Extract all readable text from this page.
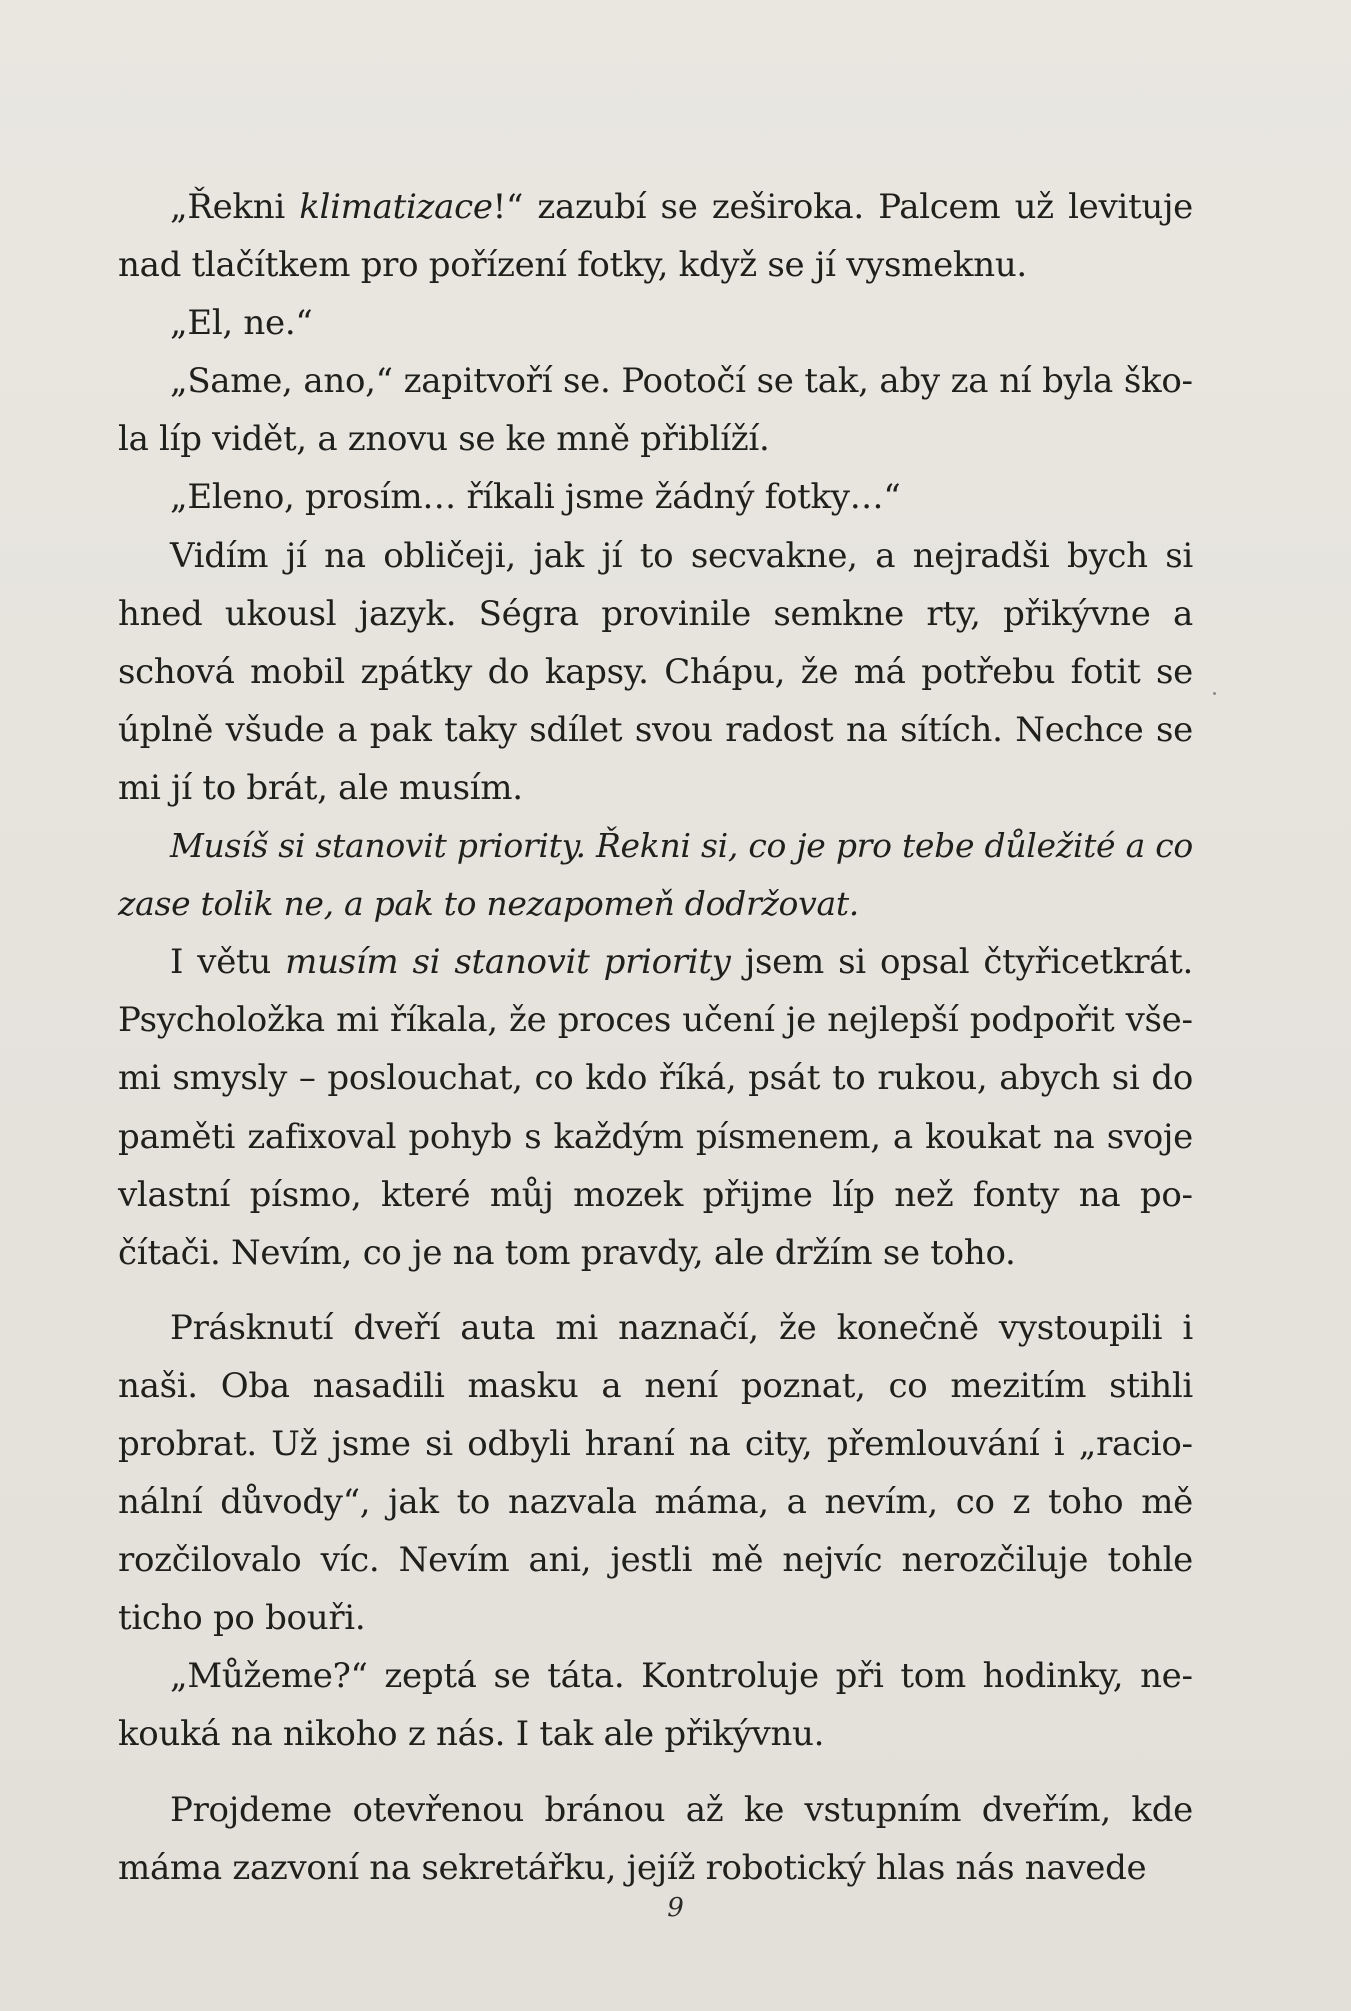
„Řekni klimatizace!“ zazubí se zeširoka. Palcem už levituje nad tlačítkem pro pořízení fotky, když se jí vysmeknu.

„El, ne.“

„Same, ano,“ zapitvoří se. Pootočí se tak, aby za ní byla škola líp vidět, a znovu se ke mně přiblíží.

„Eleno, prosím… říkali jsme žádný fotky…“

Vidím jí na obličeji, jak jí to secvakne, a nejradši bych si hned ukousl jazyk. Ségra provinile semkne rty, přikývne a schová mobil zpátky do kapsy. Chápu, že má potřebu fotit se úplně všude a pak taky sdílet svou radost na sítích. Nechce se mi jí to brát, ale musím.

Musíš si stanovit priority. Řekni si, co je pro tebe důležité a co zase tolik ne, a pak to nezapomeň dodržovat.

I větu musím si stanovit priority jsem si opsal čtyřicetkrát. Psycholožka mi říkala, že proces učení je nejlepší podpořit všemi smysly – poslouchat, co kdo říká, psát to rukou, abych si do paměti zafixoval pohyb s každým písmenem, a koukat na svoje vlastní písmo, které můj mozek přijme líp než fonty na počítači. Nevím, co je na tom pravdy, ale držím se toho.

Prásknutí dveří auta mi naznačí, že konečně vystoupili i naši. Oba nasadili masku a není poznat, co mezitím stihli probrat. Už jsme si odbyli hraní na city, přemlouvání i „racionální důvody“, jak to nazvala máma, a nevím, co z toho mě rozčilovalo víc. Nevím ani, jestli mě nejvíc nerozčiluje tohle ticho po bouři.

„Můžeme?“ zeptá se táta. Kontroluje při tom hodinky, nekouká na nikoho z nás. I tak ale přikývnu.

Projdeme otevřenou bránou až ke vstupním dveřím, kde máma zazvoní na sekretářku, jejíž robotický hlas nás navede

9
